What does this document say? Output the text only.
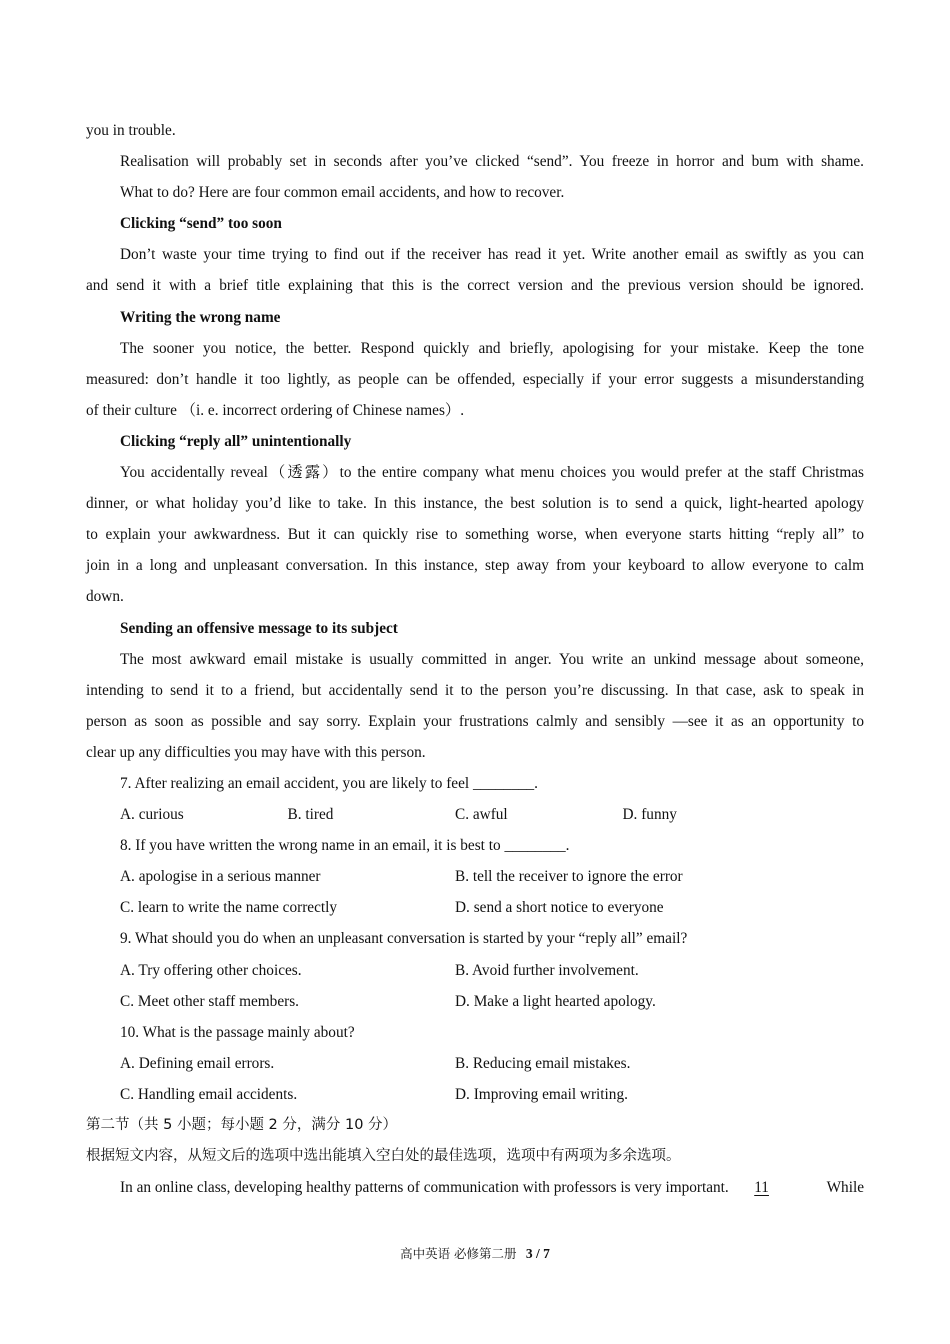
you in trouble.
Realisation will probably set in seconds after you’ve clicked “send”. You freeze in horror and bum with shame.
What to do? Here are four common email accidents, and how to recover.
Clicking “send” too soon
Don’t waste your time trying to find out if the receiver has read it yet. Write another email as swiftly as you can
and send it with a brief title explaining that this is the correct version and the previous version should be ignored.
Writing the wrong name
The sooner you notice, the better. Respond quickly and briefly, apologising for your mistake. Keep the tone
measured: don’t handle it too lightly, as people can be offended, especially if your error suggests a misunderstanding
of their culture （i. e. incorrect ordering of Chinese names）.
Clicking “reply all” unintentionally
You accidentally reveal（透露）to the entire company what menu choices you would prefer at the staff Christmas
dinner, or what holiday you’d like to take. In this instance, the best solution is to send a quick, light-hearted apology
to explain your awkwardness. But it can quickly rise to something worse, when everyone starts hitting “reply all” to
join in a long and unpleasant conversation. In this instance, step away from your keyboard to allow everyone to calm
down.
Sending an offensive message to its subject
The most awkward email mistake is usually committed in anger. You write an unkind message about someone,
intending to send it to a friend, but accidentally send it to the person you’re discussing. In that case, ask to speak in
person as soon as possible and say sorry. Explain your frustrations calmly and sensibly —see it as an opportunity to
clear up any difficulties you may have with this person.
7. After realizing an email accident, you are likely to feel ________.
A. curious	B. tired	C. awful	D. funny
8. If you have written the wrong name in an email, it is best to ________.
A. apologise in a serious manner	B. tell the receiver to ignore the error
C. learn to write the name correctly	D. send a short notice to everyone
9. What should you do when an unpleasant conversation is started by your “reply all” email?
A. Try offering other choices.	B. Avoid further involvement.
C. Meet other staff members.	D. Make a light hearted apology.
10. What is the passage mainly about?
A. Defining email errors.	B. Reducing email mistakes.
C. Handling email accidents.	D. Improving email writing.
第二节（共 5 小题；每小题 2 分，满分 10 分）
根据短文内容，从短文后的选项中选出能填入空白处的最佳选项，选项中有两项为多余选项。
In an online class, developing healthy patterns of communication with professors is very important. 11	While
高中英语 必修第二册 3 / 7
